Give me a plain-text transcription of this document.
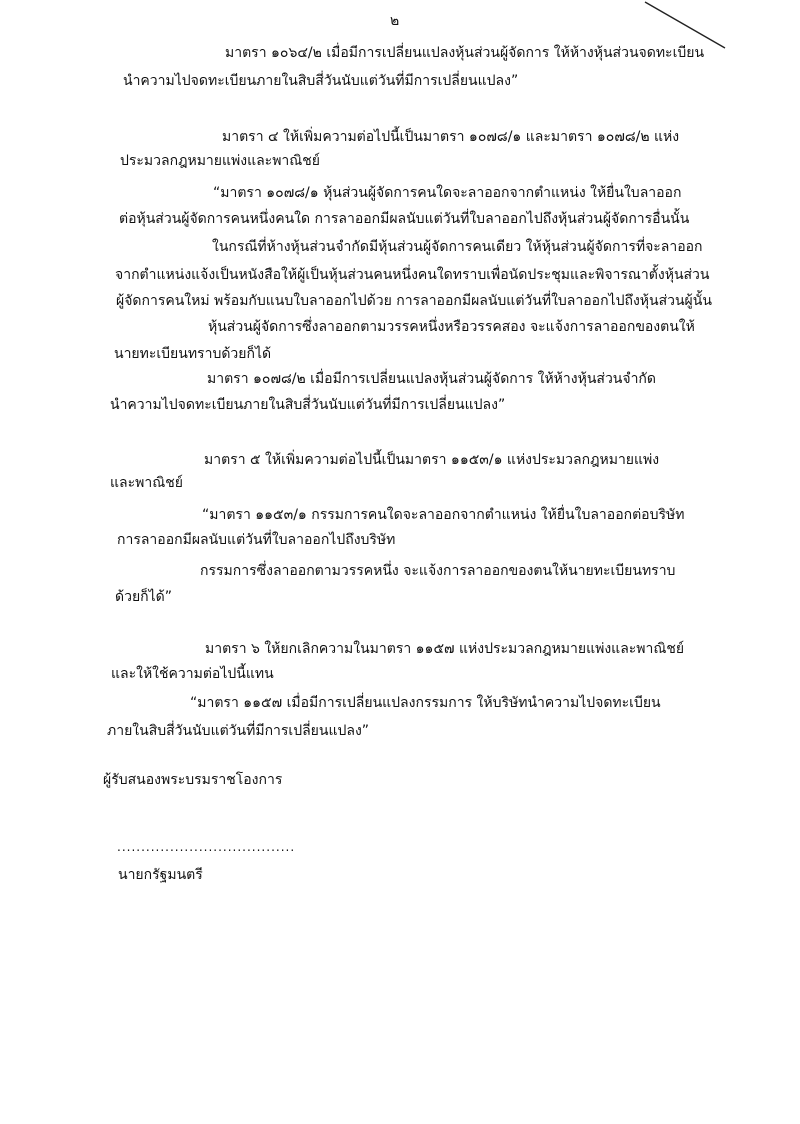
๒
มาตรา ๑๐๖๔/๒ เมื่อมีการเปลี่ยนแปลงหุ้นส่วนผู้จัดการ ให้ห้างหุ้นส่วนจดทะเบียน
นำความไปจดทะเบียนภายในสิบสี่วันนับแต่วันที่มีการเปลี่ยนแปลง”
มาตรา ๔ ให้เพิ่มความต่อไปนี้เป็นมาตรา ๑๐๗๘/๑ และมาตรา ๑๐๗๘/๒ แห่ง
ประมวลกฎหมายแพ่งและพาณิชย์
“มาตรา ๑๐๗๘/๑ หุ้นส่วนผู้จัดการคนใดจะลาออกจากตำแหน่ง ให้ยื่นใบลาออก
ต่อหุ้นส่วนผู้จัดการคนหนึ่งคนใด การลาออกมีผลนับแต่วันที่ใบลาออกไปถึงหุ้นส่วนผู้จัดการอื่นนั้น
ในกรณีที่ห้างหุ้นส่วนจำกัดมีหุ้นส่วนผู้จัดการคนเดียว ให้หุ้นส่วนผู้จัดการที่จะลาออก
จากตำแหน่งแจ้งเป็นหนังสือให้ผู้เป็นหุ้นส่วนคนหนึ่งคนใดทราบเพื่อนัดประชุมและพิจารณาตั้งหุ้นส่วน
ผู้จัดการคนใหม่ พร้อมกับแนบใบลาออกไปด้วย การลาออกมีผลนับแต่วันที่ใบลาออกไปถึงหุ้นส่วนผู้นั้น
หุ้นส่วนผู้จัดการซึ่งลาออกตามวรรคหนึ่งหรือวรรคสอง จะแจ้งการลาออกของตนให้
นายทะเบียนทราบด้วยก็ได้
มาตรา ๑๐๗๘/๒ เมื่อมีการเปลี่ยนแปลงหุ้นส่วนผู้จัดการ ให้ห้างหุ้นส่วนจำกัด
นำความไปจดทะเบียนภายในสิบสี่วันนับแต่วันที่มีการเปลี่ยนแปลง”
มาตรา ๕ ให้เพิ่มความต่อไปนี้เป็นมาตรา ๑๑๕๓/๑ แห่งประมวลกฎหมายแพ่ง
และพาณิชย์
“มาตรา ๑๑๕๓/๑ กรรมการคนใดจะลาออกจากตำแหน่ง ให้ยื่นใบลาออกต่อบริษัท
การลาออกมีผลนับแต่วันที่ใบลาออกไปถึงบริษัท
กรรมการซึ่งลาออกตามวรรคหนึ่ง จะแจ้งการลาออกของตนให้นายทะเบียนทราบ
ด้วยก็ได้”
มาตรา ๖ ให้ยกเลิกความในมาตรา ๑๑๕๗ แห่งประมวลกฎหมายแพ่งและพาณิชย์
และให้ใช้ความต่อไปนี้แทน
“มาตรา ๑๑๕๗ เมื่อมีการเปลี่ยนแปลงกรรมการ ให้บริษัทนำความไปจดทะเบียน
ภายในสิบสี่วันนับแต่วันที่มีการเปลี่ยนแปลง”
ผู้รับสนองพระบรมราชโองการ
.....................................
นายกรัฐมนตรี
